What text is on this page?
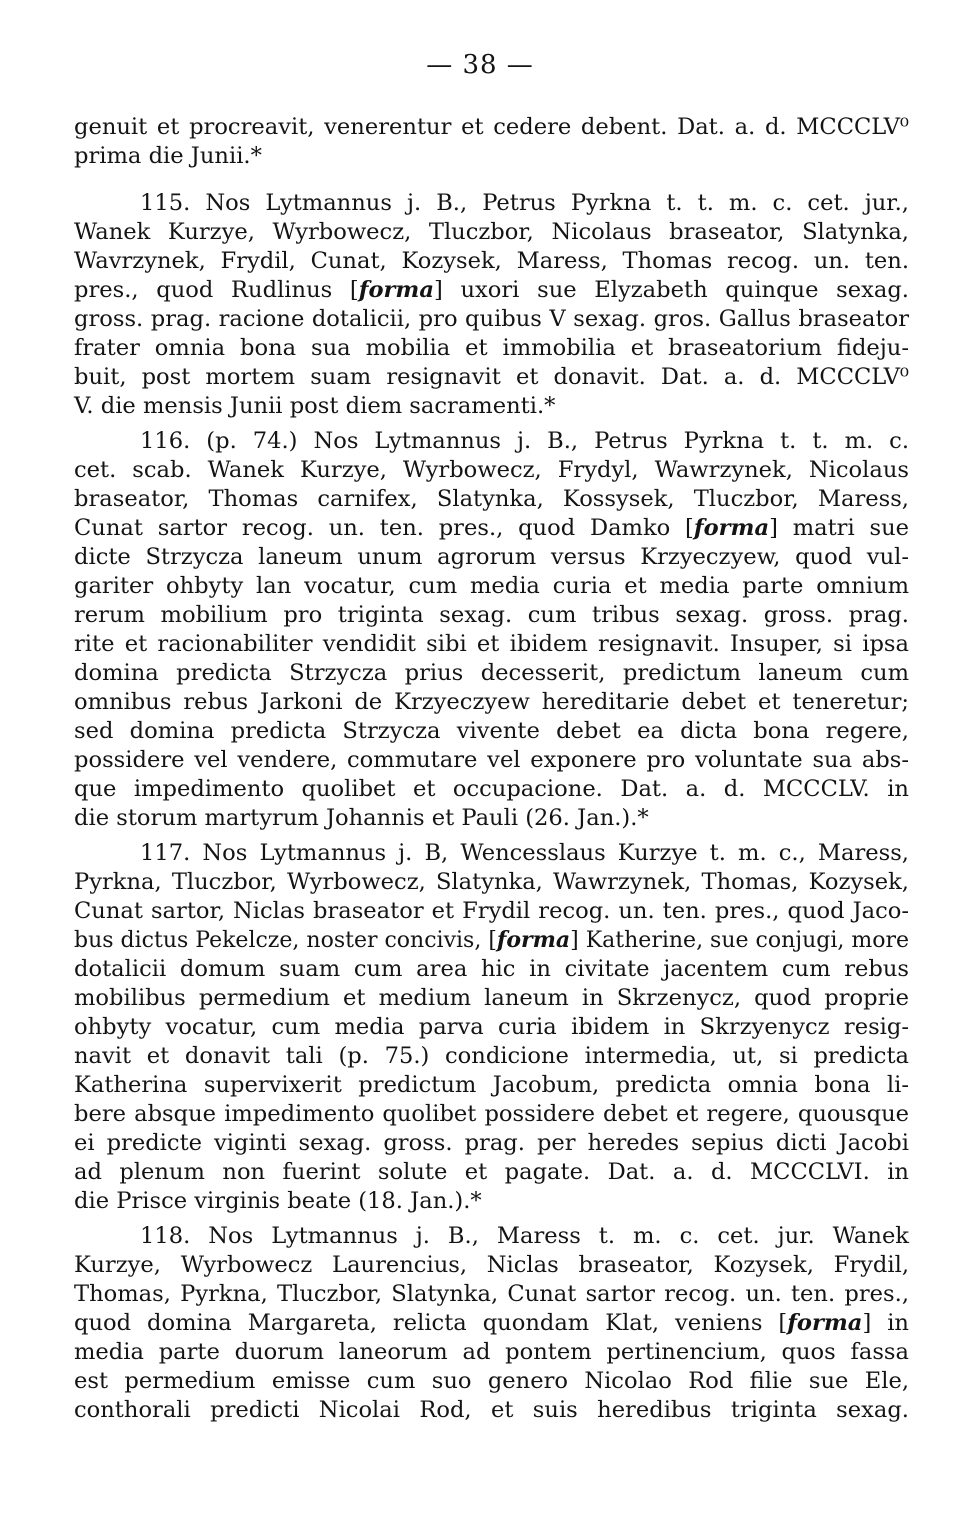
— 38 —
genuit et procreavit, venerentur et cedere debent. Dat. a. d. MCCCLV⁰
prima die Junii.*
115. Nos Lytmannus j. B., Petrus Pyrkna t. t. m. c. cet. jur.,
Wanek Kurzye, Wyrbowecz, Tluczbor, Nicolaus braseator, Slatynka,
Wavrzynek, Frydil, Cunat, Kozysek, Maress, Thomas recog. un. ten.
pres., quod Rudlinus [forma] uxori sue Elyzabeth quinque sexag.
gross. prag. racione dotalicii, pro quibus V sexag. gros. Gallus braseator
frater omnia bona sua mobilia et immobilia et braseatorium fideju-
buit, post mortem suam resignavit et donavit. Dat. a. d. MCCCLV⁰
V. die mensis Junii post diem sacramenti.*
116. (p. 74.) Nos Lytmannus j. B., Petrus Pyrkna t. t. m. c.
cet. scab. Wanek Kurzye, Wyrbowecz, Frydyl, Wawrzynek, Nicolaus
braseator, Thomas carnifex, Slatynka, Kossysek, Tluczbor, Maress,
Cunat sartor recog. un. ten. pres., quod Damko [forma] matri sue
dicte Strzycza laneum unum agrorum versus Krzyeczyew, quod vul-
gariter ohbyty lan vocatur, cum media curia et media parte omnium
rerum mobilium pro triginta sexag. cum tribus sexag. gross. prag.
rite et racionabiliter vendidit sibi et ibidem resignavit. Insuper, si ipsa
domina predicta Strzycza prius decesserit, predictum laneum cum
omnibus rebus Jarkoni de Krzyeczyew hereditarie debet et teneretur;
sed domina predicta Strzycza vivente debet ea dicta bona regere,
possidere vel vendere, commutare vel exponere pro voluntate sua abs-
que impedimento quolibet et occupacione. Dat. a. d. MCCCLV. in
die storum martyrum Johannis et Pauli (26. Jan.).*
117. Nos Lytmannus j. B, Wencesslaus Kurzye t. m. c., Maress,
Pyrkna, Tluczbor, Wyrbowecz, Slatynka, Wawrzynek, Thomas, Kozysek,
Cunat sartor, Niclas braseator et Frydil recog. un. ten. pres., quod Jaco-
bus dictus Pekelcze, noster concivis, [forma] Katherine, sue conjugi, more
dotalicii domum suam cum area hic in civitate jacentem cum rebus
mobilibus permedium et medium laneum in Skrzenycz, quod proprie
ohbyty vocatur, cum media parva curia ibidem in Skrzyenycz resig-
navit et donavit tali (p. 75.) condicione intermedia, ut, si predicta
Katherina supervixerit predictum Jacobum, predicta omnia bona li-
bere absque impedimento quolibet possidere debet et regere, quousque
ei predicte viginti sexag. gross. prag. per heredes sepius dicti Jacobi
ad plenum non fuerint solute et pagate. Dat. a. d. MCCCLVI. in
die Prisce virginis beate (18. Jan.).*
118. Nos Lytmannus j. B., Maress t. m. c. cet. jur. Wanek
Kurzye, Wyrbowecz Laurencius, Niclas braseator, Kozysek, Frydil,
Thomas, Pyrkna, Tluczbor, Slatynka, Cunat sartor recog. un. ten. pres.,
quod domina Margareta, relicta quondam Klat, veniens [forma] in
media parte duorum laneorum ad pontem pertinencium, quos fassa
est permedium emisse cum suo genero Nicolao Rod filie sue Ele,
conthorali predicti Nicolai Rod, et suis heredibus triginta sexag.
